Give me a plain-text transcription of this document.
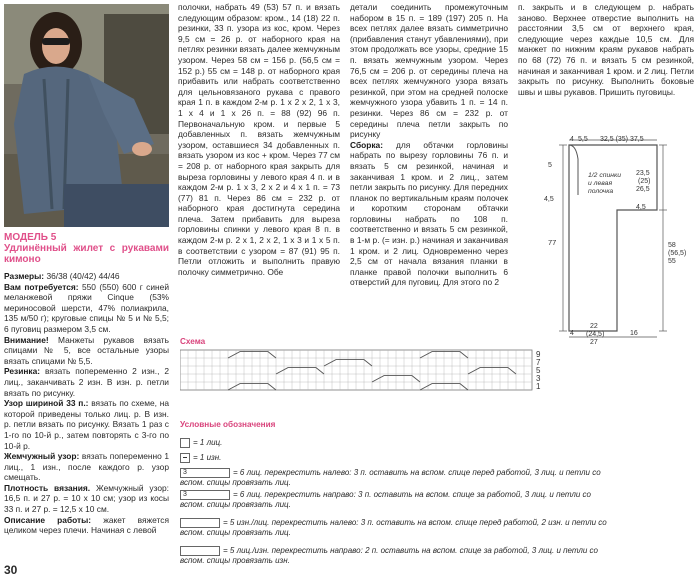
МОДЕЛЬ 5
Удлинённый жилет с рукавами кимоно

Размеры: 36/38 (40/42) 44/46

Вам потребуется: 550 (550) 600 г синей меланжевой пряжи Cinque (53% мериносовой шерсти, 47% полиакрила, 135 м/50 г); круговые спицы № 5 и № 5,5; 6 пуговиц размером 3,5 см.

Внимание! Манжеты рукавов вязать спицами № 5, все остальные узоры вязать спицами № 5,5.

Резинка: вязать попеременно 2 изн., 2 лиц., заканчивать 2 изн. В изн. р. петли вязать по рисунку.

Узор шириной 33 п.: вязать по схеме, на которой приведены только лиц. р. В изн. р. петли вязать по рисунку. Вязать 1 раз с 1-го по 10-й р., затем повторять с 3-го по 10-й р.

Жемчужный узор: вязать попеременно 1 лиц., 1 изн., после каждого р. узор смещать.

Плотность вязания. Жемчужный узор: 16,5 п. и 27 р. = 10 х 10 см; узор из косы 33 п. и 27 р. = 12,5 х 10 см.

Описание работы: жакет вяжется целиком через плечи. Начиная с левой

30

полочки, набрать 49 (53) 57 п. и вязать следующим образом: кром., 14 (18) 22 п. резинки, 33 п. узора из кос, кром. Через 9,5 см = 26 р. от наборного края на петлях резинки вязать далее жемчужным узором. Через 58 см = 156 р. (56,5 см = 152 р.) 55 см = 148 р. от наборного края прибавить или набрать соответственно для цельновязаного рукава с правого края 1 п. в каждом 2-м р. 1 х 2 х 2, 1 х 3, 1 х 4 и 1 х 26 п. = 88 (92) 96 п. Первоначальную кром. и первые 5 добавленных п. вязать жемчужным узором, оставшиеся 34 добавленных п. вязать узором из кос + кром. Через 77 см = 208 р. от наборного края закрыть для выреза горловины у левого края 4 п. и в каждом 2-м р. 1 х 3, 2 х 2 и 4 х 1 п. = 73 (77) 81 п. Через 86 см = 232 р. от наборного края достигнута середина плеча. Затем прибавить для выреза горловины спинки у левого края 8 п. в каждом 2-м р. 2 х 1, 2 х 2, 1 х 3 и 1 х 5 п. в соответствии с узором = 87 (91) 95 п. Петли отложить и выполнить правую полочку симметрично. Обе

детали соединить промежуточным набором в 15 п. = 189 (197) 205 п. На всех петлях далее вязать симметрично (прибавления станут убавлениями), при этом продолжать все узоры, средние 15 п. вязать жемчужным узором. Через 76,5 см = 206 р. от середины плеча на всех петлях жемчужного узора вязать резинкой, при этом на средней полоске жемчужного узора убавить 1 п. = 14 п. резинки. Через 86 см = 232 р. от середины плеча петли закрыть по рисунку

Сборка: для обтачки горловины набрать по вырезу горловины 76 п. и вязать 5 см резинкой, начиная и заканчивая 1 кром. и 2 лиц., затем петли закрыть по рисунку. Для передних планок по вертикальным краям полочек и коротким сторонам обтачки горловины набрать по 108 п. соответственно и вязать 5 см резинкой, в 1-м р. (= изн. р.) начиная и заканчивая 1 кром. и 2 лиц. Одновременно через 2,5 см от начала вязания планки в планке правой полочки выполнить 6 отверстий для пуговиц. Для этого по 2

п. закрыть и в следующем р. набрать заново. Верхнее отверстие выполнить на расстоянии 3,5 см от верхнего края, следующие через каждые 10,5 см. Для манжет по нижним краям рукавов набрать по 68 (72) 76 п. и вязать 5 см резинкой, начиная и заканчивая 1 кром. и 2 лиц. Петли закрыть по рисунку. Выполнить боковые швы и швы рукавов. Пришить пуговицы.

4 5,5 32,5 (35) 37,5
5
4,5
77
23,5
(25)
26,5
4,5
58
(56,5)
55
1/2 спинки и левая полочка
4
22
(24,5)
27
16
Схема
9
7
5
3
1
Условные обозначения
= 1 лиц.
= 1 изн.
3	= 6 лиц. перекрестить налево: 3 п. оставить на вспом. спице перед работой, 3 лиц. и петли со вспом. спицы провязать лиц.
3	= 6 лиц. перекрестить направо: 3 п. оставить на вспом. спице за работой, 3 лиц. и петли со вспом. спицы провязать лиц.
= 5 изн./лиц. перекрестить налево: 3 п. оставить на вспом. спице перед работой, 2 изн. и петли со вспом. спицы провязать лиц.
= 5 лиц./изн. перекрестить направо: 2 п. оставить на вспом. спице за работой, 3 лиц. и петли со вспом. спицы провязать изн.
